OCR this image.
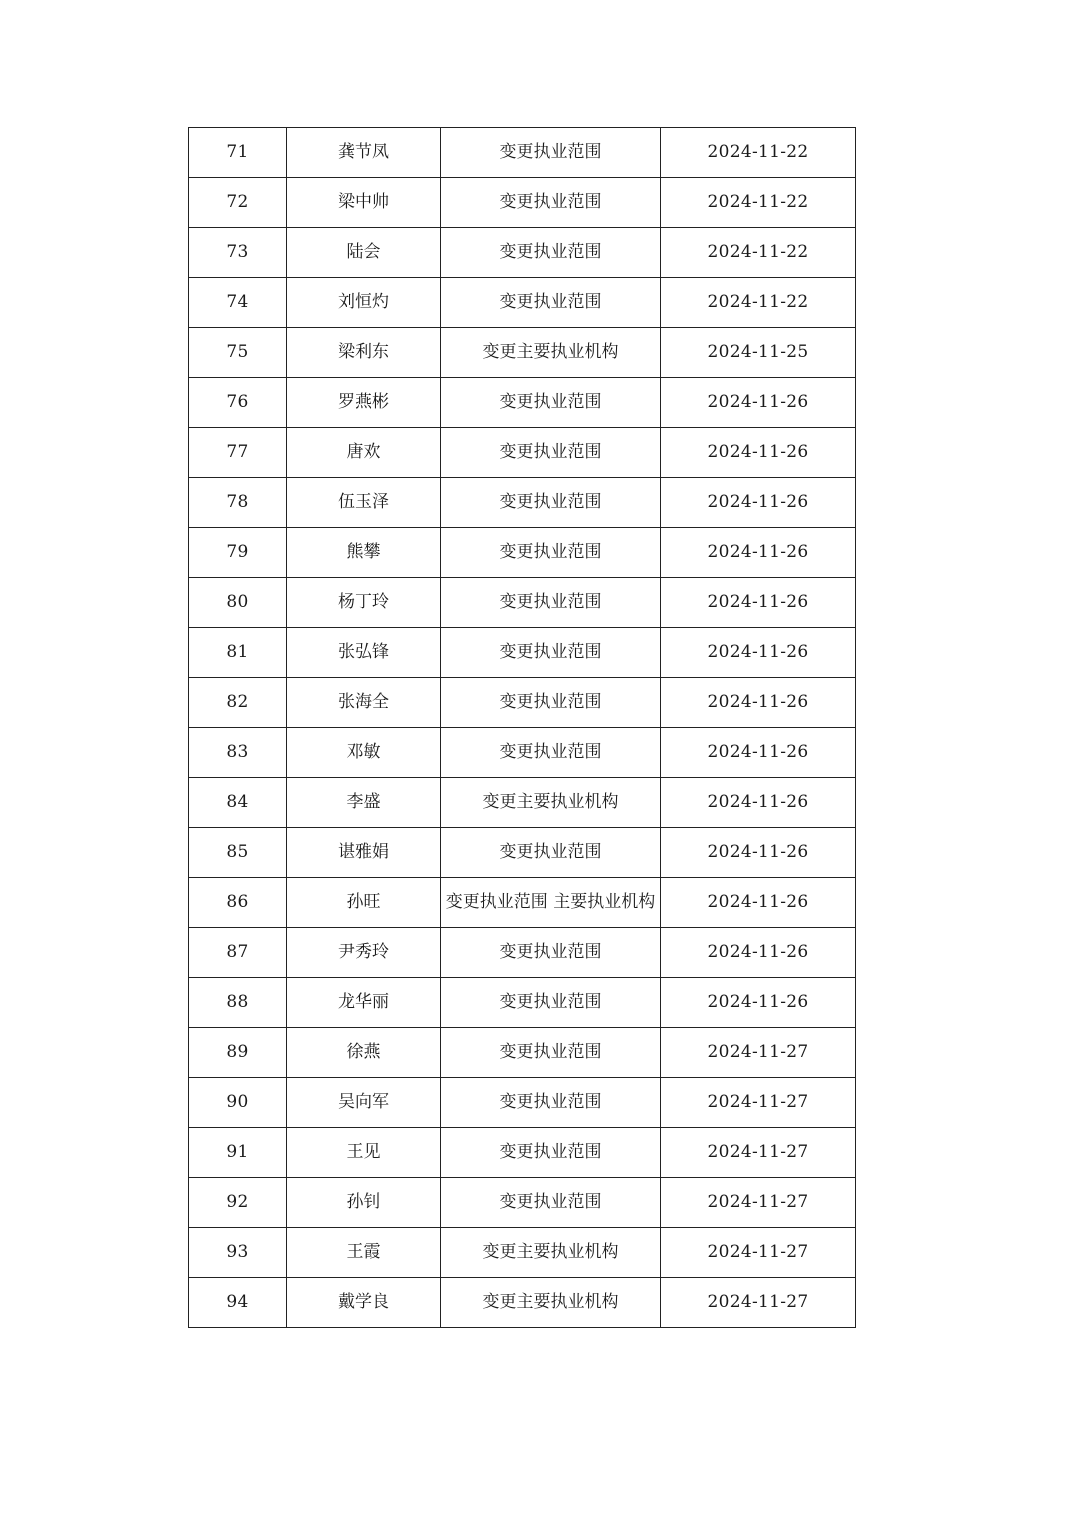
71	龚节凤	变更执业范围	2024-11-22
72	梁中帅	变更执业范围	2024-11-22
73	陆会	变更执业范围	2024-11-22
74	刘恒灼	变更执业范围	2024-11-22
75	梁利东	变更主要执业机构	2024-11-25
76	罗燕彬	变更执业范围	2024-11-26
77	唐欢	变更执业范围	2024-11-26
78	伍玉泽	变更执业范围	2024-11-26
79	熊攀	变更执业范围	2024-11-26
80	杨丁玲	变更执业范围	2024-11-26
81	张弘锋	变更执业范围	2024-11-26
82	张海全	变更执业范围	2024-11-26
83	邓敏	变更执业范围	2024-11-26
84	李盛	变更主要执业机构	2024-11-26
85	谌雅娟	变更执业范围	2024-11-26
86	孙旺	变更执业范围 主要执业机构	2024-11-26
87	尹秀玲	变更执业范围	2024-11-26
88	龙华丽	变更执业范围	2024-11-26
89	徐燕	变更执业范围	2024-11-27
90	吴向军	变更执业范围	2024-11-27
91	王见	变更执业范围	2024-11-27
92	孙钊	变更执业范围	2024-11-27
93	王霞	变更主要执业机构	2024-11-27
94	戴学良	变更主要执业机构	2024-11-27
